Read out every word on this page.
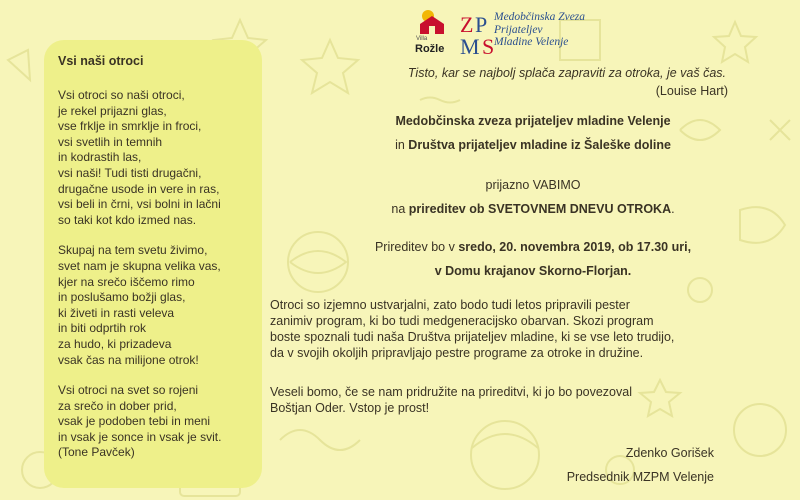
Vsi naši otroci
Vsi otroci so naši otroci,
je rekel prijazni glas,
vse frklje in smrklje in froci,
vsi svetlih in temnih
in kodrastih las,
vsi naši! Tudi tisti drugačni,
drugačne usode in vere in ras,
vsi beli in črni, vsi bolni in lačni
so taki kot kdo izmed nas.
Skupaj na tem svetu živimo,
svet nam je skupna velika vas,
kjer na srečo iščemo rimo
in poslušamo božji glas,
ki živeti in rasti veleva
in biti odprtih rok
za hudo, ki prizadeva
vsak čas na milijone otrok!
Vsi otroci na svet so rojeni
za srečo in dober prid,
vsak je podoben tebi in meni
in vsak je sonce in vsak je svit.
(Tone Pavček)
Villa
Rožle
Z P
M S
Medobčinska Zveza
Prijateljev
Mladine Velenje
Tisto, kar se najbolj splača zapraviti za otroka, je vaš čas.
(Louise Hart)
Medobčinska zveza prijateljev mladine Velenje
in Društva prijateljev mladine iz Šaleške doline
prijazno VABIMO
na prireditev ob SVETOVNEM DNEVU OTROKA.
Prireditev bo v sredo, 20. novembra 2019, ob 17.30 uri,
v Domu krajanov Skorno-Florjan.
Otroci so izjemno ustvarjalni, zato bodo tudi letos pripravili pester
zanimiv program, ki bo tudi medgeneracijsko obarvan. Skozi program
boste spoznali tudi naša Društva prijateljev mladine, ki se vse leto trudijo,
da v svojih okoljih pripravljajo pestre programe za otroke in družine.
Veseli bomo, če se nam pridružite na prireditvi, ki jo bo povezoval
Boštjan Oder. Vstop je prost!
Zdenko Gorišek
Predsednik MZPM Velenje
